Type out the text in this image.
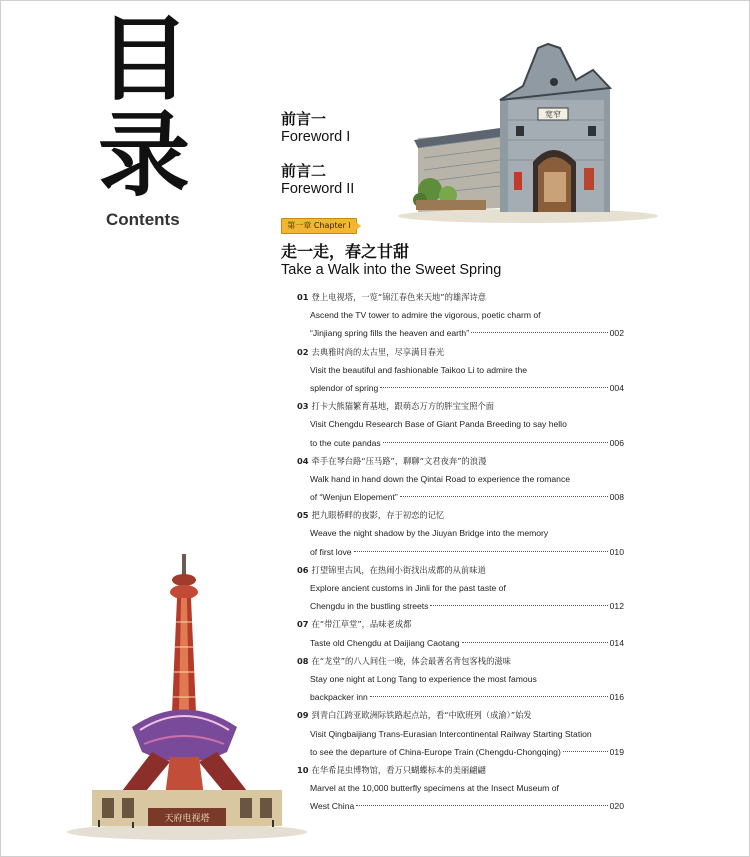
目
录
Contents
前言一
Foreword I
前言二
Foreword II
第一章 Chapter I
走一走，春之甘甜
Take a Walk into the Sweet Spring
01 登上电视塔，一览“锦江春色来天地”的雄浑诗意
Ascend the TV tower to admire the vigorous, poetic charm of
“Jinjiang spring fills the heaven and earth”	002
02 去典雅时尚的太古里，尽享满目春光
Visit the beautiful and fashionable Taikoo Li to admire the
splendor of spring	004
03 打卡大熊猫繁育基地，跟萌态万方的胖宝宝照个面
Visit Chengdu Research Base of Giant Panda Breeding to say hello
to the cute pandas	006
04 牵手在琴台路“压马路”，聊聊“文君夜奔”的浪漫
Walk hand in hand down the Qintai Road to experience the romance
of “Wenjun Elopement”	008
05 把九眼桥畔的夜影，存于初恋的记忆
Weave the night shadow by the Jiuyan Bridge into the memory
of first love	010
06 打望锦里古风，在热闹小街找出成都的从前味道
Explore ancient customs in Jinli for the past taste of
Chengdu in the bustling streets	012
07 在“带江草堂”，品味老成都
Taste old Chengdu at Daijiang Caotang	014
08 在“龙堂”的八人间住一晚，体会最著名背包客栈的滋味
Stay one night at Long Tang to experience the most famous
backpacker inn	016
09 到青白江跨亚欧洲际铁路起点站，看“中欧班列（成渝）”始发
Visit Qingbaijiang Trans-Eurasian Intercontinental Railway Starting Station
to see the departure of China-Europe Train (Chengdu-Chongqing)	019
10 在华希昆虫博物馆，看万只蝴蝶标本的美丽翩翩
Marvel at the 10,000 butterfly specimens at the Insect Museum of
West China	020
宽窄
天府电视塔
